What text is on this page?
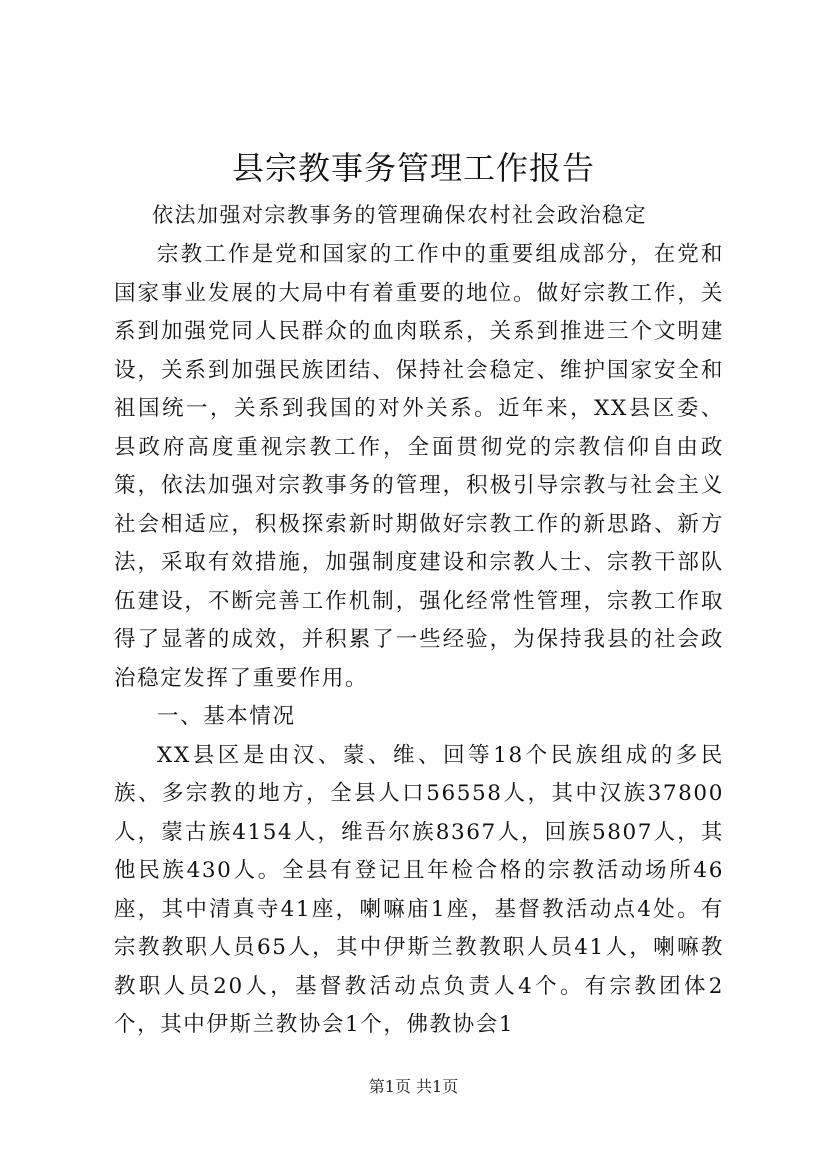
县宗教事务管理工作报告
依法加强对宗教事务的管理确保农村社会政治稳定

宗教工作是党和国家的工作中的重要组成部分，在党和国家事业发展的大局中有着重要的地位。做好宗教工作，关系到加强党同人民群众的血肉联系，关系到推进三个文明建设，关系到加强民族团结、保持社会稳定、维护国家安全和祖国统一，关系到我国的对外关系。近年来，XX县区委、县政府高度重视宗教工作，全面贯彻党的宗教信仰自由政策，依法加强对宗教事务的管理，积极引导宗教与社会主义社会相适应，积极探索新时期做好宗教工作的新思路、新方法，采取有效措施，加强制度建设和宗教人士、宗教干部队伍建设，不断完善工作机制，强化经常性管理，宗教工作取得了显著的成效，并积累了一些经验，为保持我县的社会政治稳定发挥了重要作用。

一、基本情况

XX县区是由汉、蒙、维、回等18个民族组成的多民族、多宗教的地方，全县人口56558人，其中汉族37800人，蒙古族4154人，维吾尔族8367人，回族5807人，其他民族430人。全县有登记且年检合格的宗教活动场所46座，其中清真寺41座，喇嘛庙1座，基督教活动点4处。有宗教教职人员65人，其中伊斯兰教教职人员41人，喇嘛教教职人员20人，基督教活动点负责人4个。有宗教团体2个，其中伊斯兰教协会1个，佛教协会1

第1页 共1页
